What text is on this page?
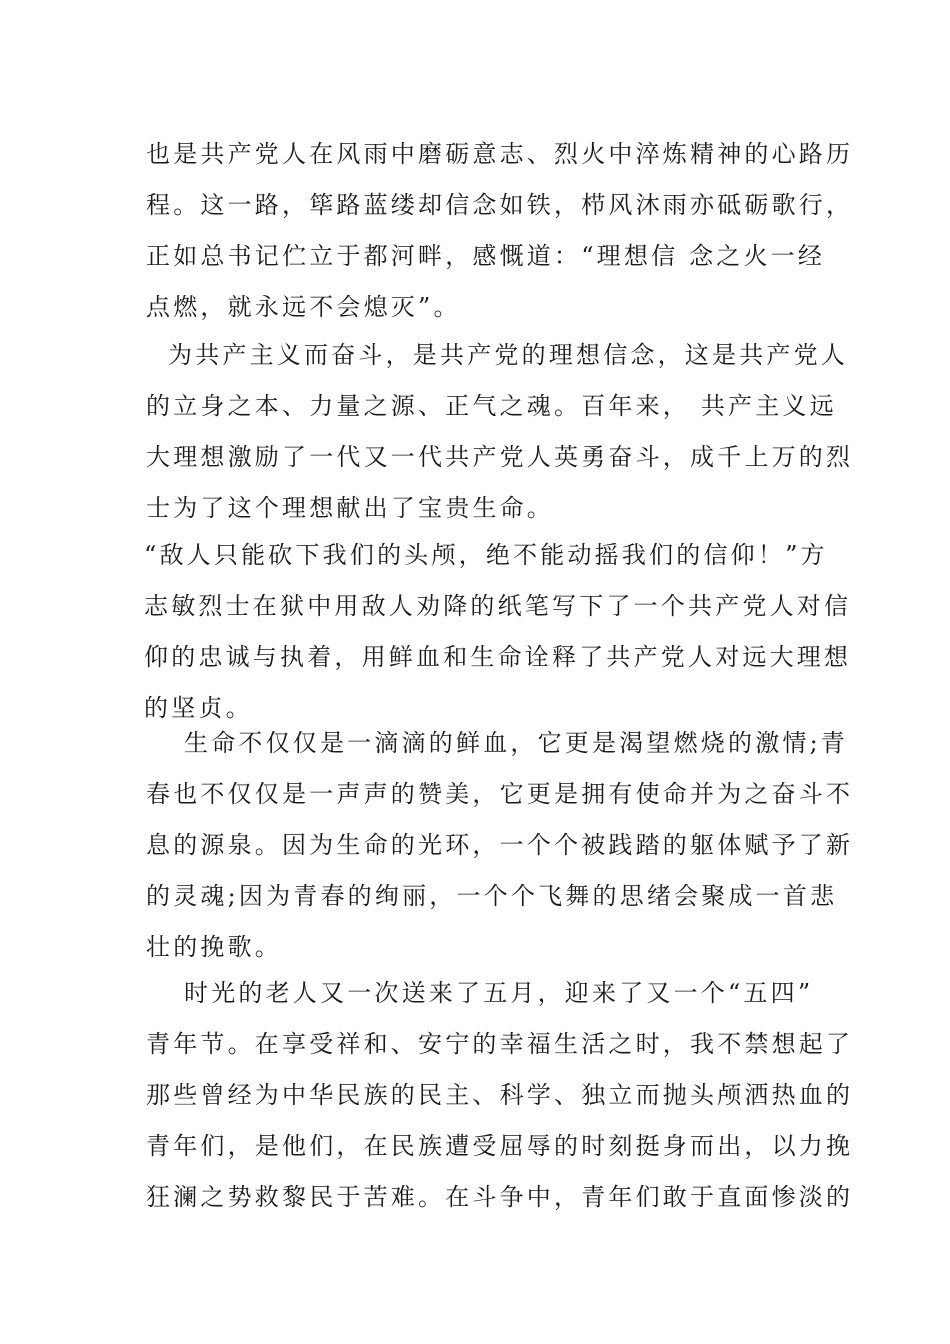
也是共产党人在风雨中磨砺意志、烈火中淬炼精神的心路历
程。这一路，筚路蓝缕却信念如铁，栉风沐雨亦砥砺歌行，
正如总书记伫立于都河畔，感慨道：“理想信 念之火一经
点燃，就永远不会熄灭”。
为共产主义而奋斗，是共产党的理想信念，这是共产党人
的立身之本、力量之源、正气之魂。百年来， 共产主义远
大理想激励了一代又一代共产党人英勇奋斗，成千上万的烈
士为了这个理想献出了宝贵生命。
“敌人只能砍下我们的头颅，绝不能动摇我们的信仰！”方
志敏烈士在狱中用敌人劝降的纸笔写下了一个共产党人对信
仰的忠诚与执着，用鲜血和生命诠释了共产党人对远大理想
的坚贞。
生命不仅仅是一滴滴的鲜血，它更是渴望燃烧的激情;青
春也不仅仅是一声声的赞美，它更是拥有使命并为之奋斗不
息的源泉。因为生命的光环，一个个被践踏的躯体赋予了新
的灵魂;因为青春的绚丽，一个个飞舞的思绪会聚成一首悲
壮的挽歌。
时光的老人又一次送来了五月，迎来了又一个“五四”
青年节。在享受祥和、安宁的幸福生活之时，我不禁想起了
那些曾经为中华民族的民主、科学、独立而抛头颅洒热血的
青年们，是他们，在民族遭受屈辱的时刻挺身而出，以力挽
狂澜之势救黎民于苦难。在斗争中，青年们敢于直面惨淡的
